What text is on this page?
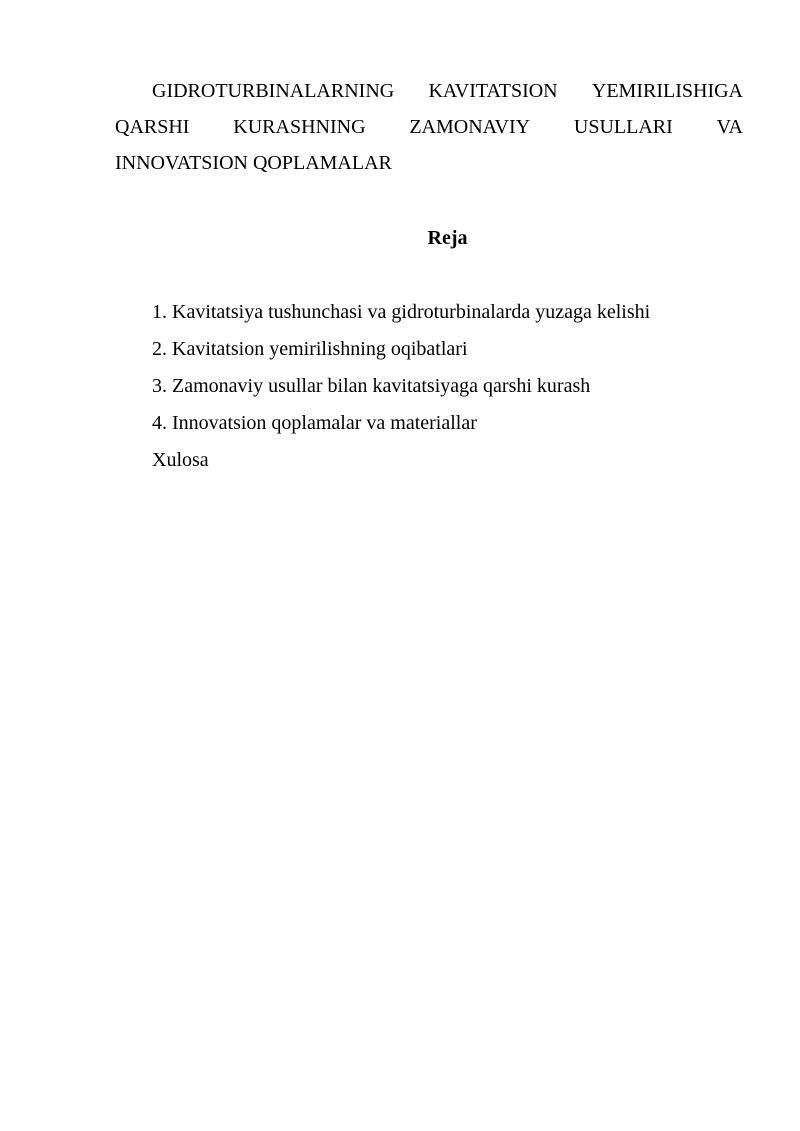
GIDROTURBINALARNING KAVITATSION YEMIRILISHIGA
QARSHI KURASHNING ZAMONAVIY USULLARI VA
INNOVATSION QOPLAMALAR
Reja
1. Kavitatsiya tushunchasi va gidroturbinalarda yuzaga kelishi
2. Kavitatsion yemirilishning oqibatlari
3. Zamonaviy usullar bilan kavitatsiyaga qarshi kurash
4. Innovatsion qoplamalar va materiallar
Xulosa
